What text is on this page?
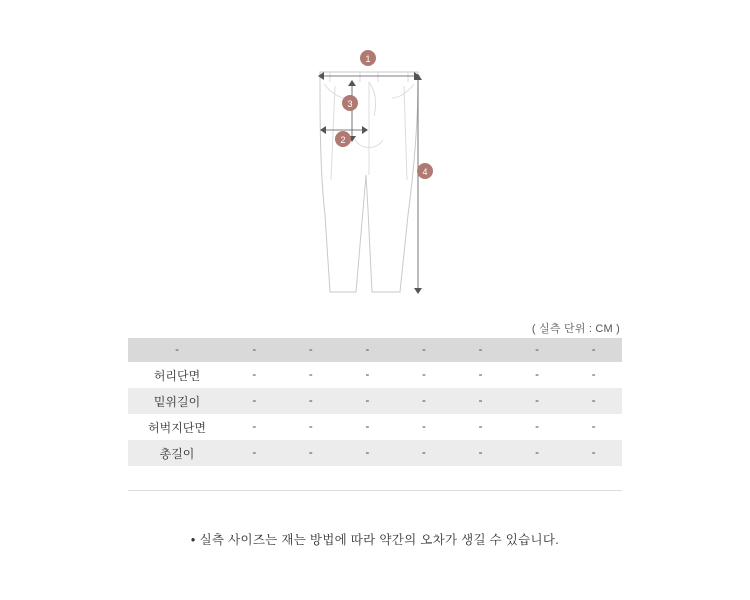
1
3
2
4
( 실측 단위 : CM )
-	-	-	-	-	-	-	-
허리단면	-	-	-	-	-	-	-
밑위길이	-	-	-	-	-	-	-
허벅지단면	-	-	-	-	-	-	-
총길이	-	-	-	-	-	-	-
• 실측 사이즈는 재는 방법에 따라 약간의 오차가 생길 수 있습니다.
